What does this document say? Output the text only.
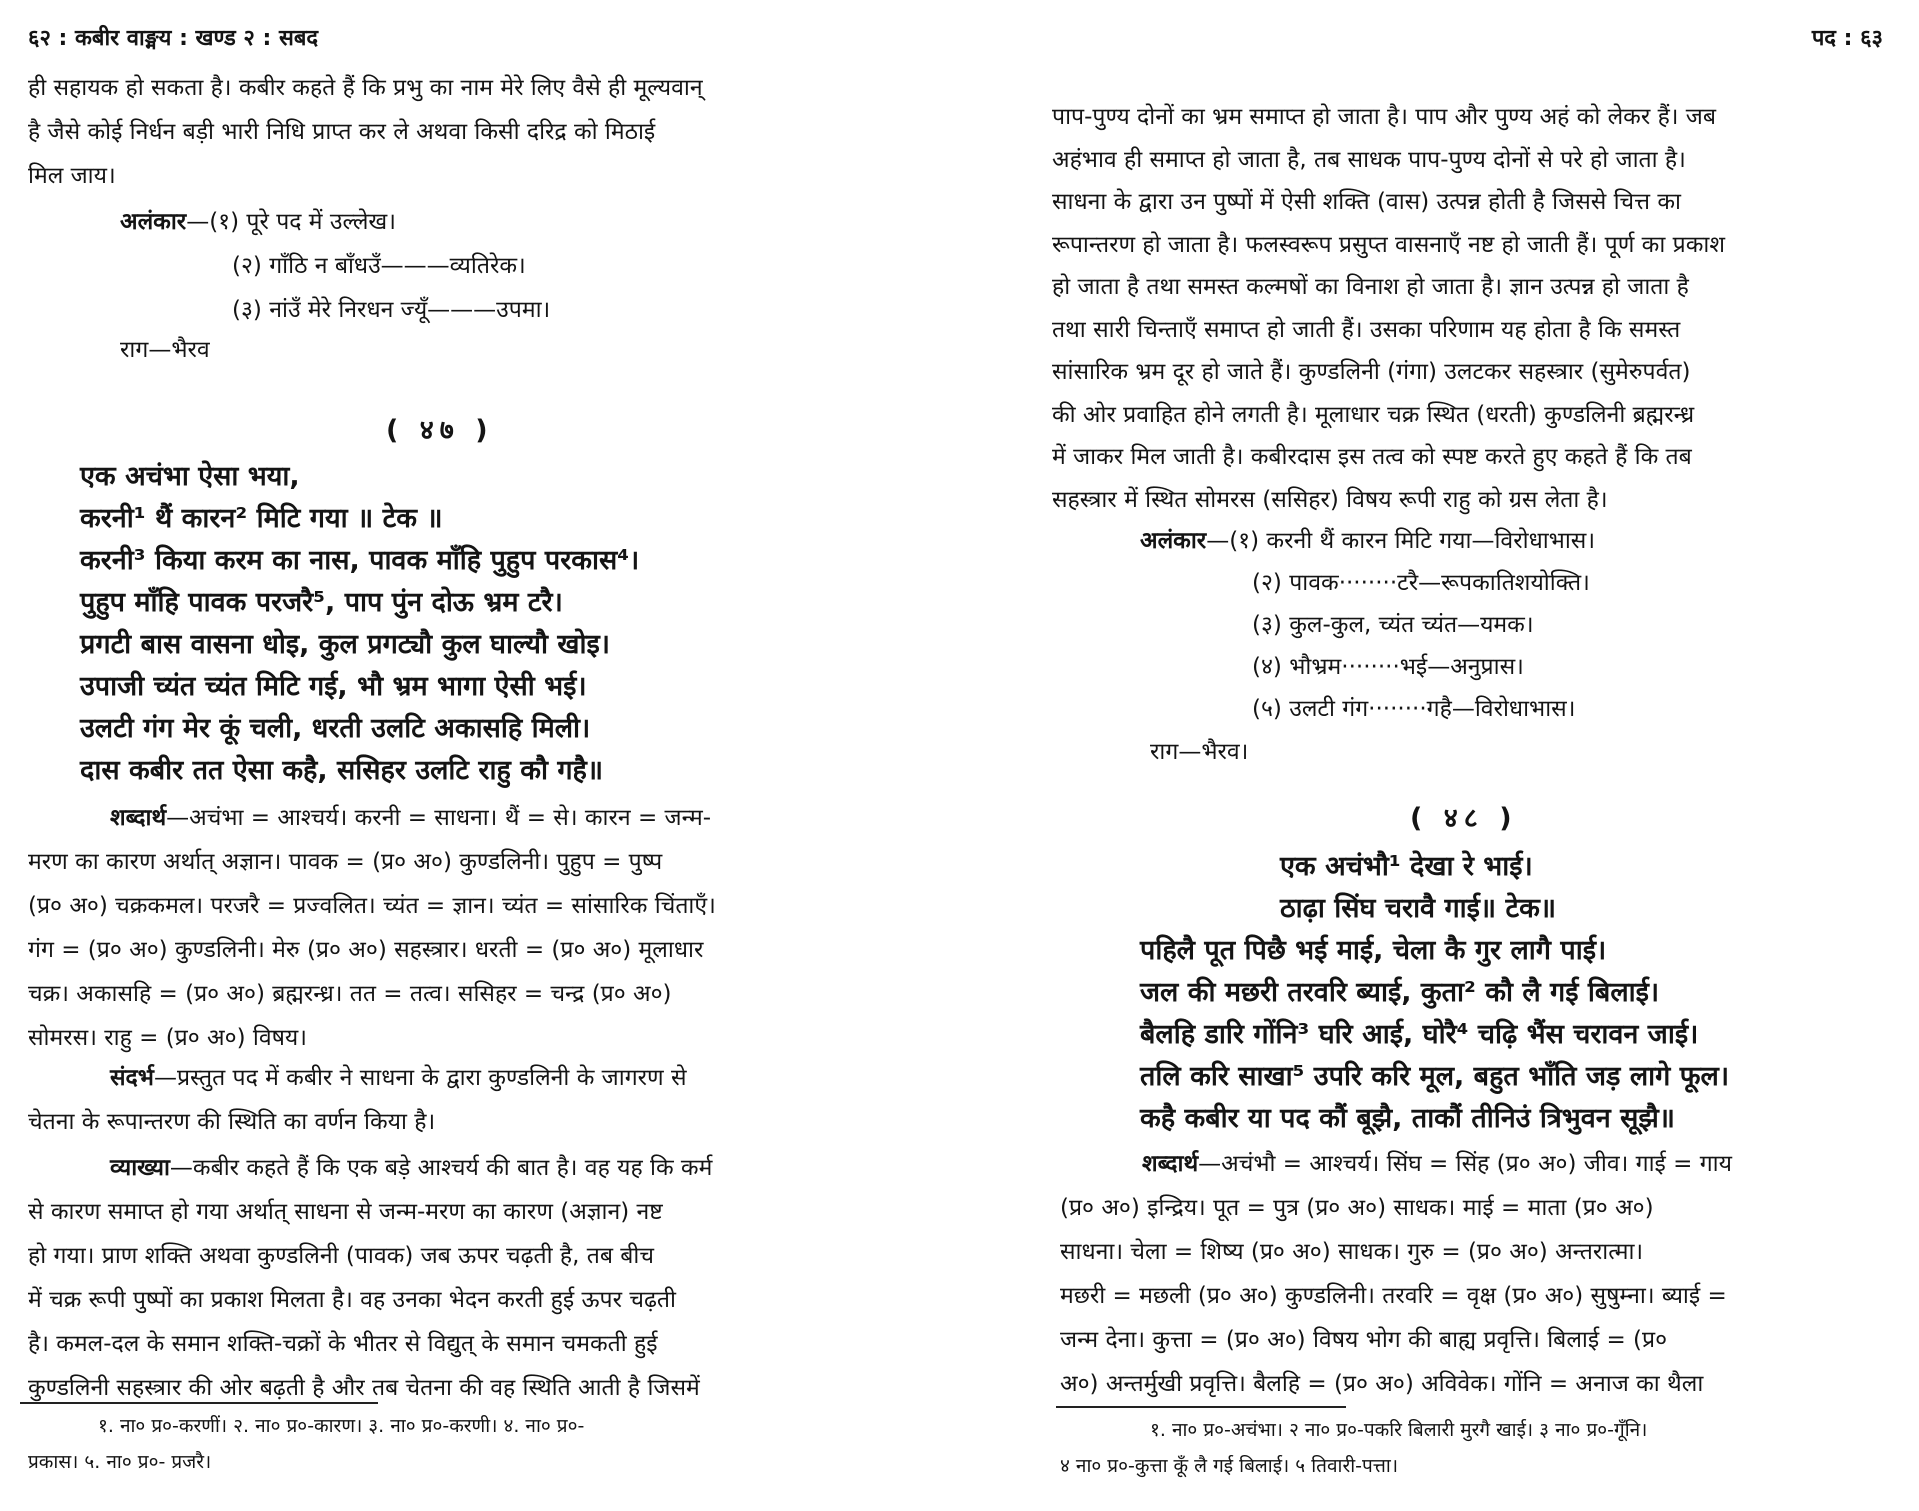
६२ : कबीर वाङ्मय : खण्ड २ : सबद
ही सहायक हो सकता है। कबीर कहते हैं कि प्रभु का नाम मेरे लिए वैसे ही मूल्यवान्
है जैसे कोई निर्धन बड़ी भारी निधि प्राप्त कर ले अथवा किसी दरिद्र को मिठाई
मिल जाय।
अलंकार—(१) पूरे पद में उल्लेख।
(२) गाँठि न बाँधउँ———व्यतिरेक।
(३) नांउँ मेरे निरधन ज्यूँ———उपमा।
राग—भैरव
( ४७ )
एक अचंभा ऐसा भया,
करनी¹ थैं कारन² मिटि गया ॥ टेक ॥
करनी³ किया करम का नास, पावक माँहि पुहुप परकास⁴।
पुहुप माँहि पावक परजरै⁵, पाप पुंन दोऊ भ्रम टरै।
प्रगटी बास वासना धोइ, कुल प्रगट्यौ कुल घाल्यौ खोइ।
उपाजी च्यंत च्यंत मिटि गई, भौ भ्रम भागा ऐसी भई।
उलटी गंग मेर कूं चली, धरती उलटि अकासहि मिली।
दास कबीर तत ऐसा कहै, ससिहर उलटि राहु कौ गहै॥
शब्दार्थ—अचंभा = आश्चर्य। करनी = साधना। थैं = से। कारन = जन्म-
मरण का कारण अर्थात् अज्ञान। पावक = (प्र० अ०) कुण्डलिनी। पुहुप = पुष्प
(प्र० अ०) चक्रकमल। परजरै = प्रज्वलित। च्यंत = ज्ञान। च्यंत = सांसारिक चिंताएँ।
गंग = (प्र० अ०) कुण्डलिनी। मेरु (प्र० अ०) सहस्त्रार। धरती = (प्र० अ०) मूलाधार
चक्र। अकासहि = (प्र० अ०) ब्रह्मरन्ध्र। तत = तत्व। ससिहर = चन्द्र (प्र० अ०)
सोमरस। राहु = (प्र० अ०) विषय।
संदर्भ—प्रस्तुत पद में कबीर ने साधना के द्वारा कुण्डलिनी के जागरण से
चेतना के रूपान्तरण की स्थिति का वर्णन किया है।
व्याख्या—कबीर कहते हैं कि एक बड़े आश्चर्य की बात है। वह यह कि कर्म
से कारण समाप्त हो गया अर्थात् साधना से जन्म-मरण का कारण (अज्ञान) नष्ट
हो गया। प्राण शक्ति अथवा कुण्डलिनी (पावक) जब ऊपर चढ़ती है, तब बीच
में चक्र रूपी पुष्पों का प्रकाश मिलता है। वह उनका भेदन करती हुई ऊपर चढ़ती
है। कमल-दल के समान शक्ति-चक्रों के भीतर से विद्युत् के समान चमकती हुई
कुण्डलिनी सहस्त्रार की ओर बढ़ती है और तब चेतना की वह स्थिति आती है जिसमें
१. ना० प्र०-करणीं। २. ना० प्र०-कारण। ३. ना० प्र०-करणी। ४. ना० प्र०-
प्रकास। ५. ना० प्र०- प्रजरै।
पद : ६३
पाप-पुण्य दोनों का भ्रम समाप्त हो जाता है। पाप और पुण्य अहं को लेकर हैं। जब
अहंभाव ही समाप्त हो जाता है, तब साधक पाप-पुण्य दोनों से परे हो जाता है।
साधना के द्वारा उन पुष्पों में ऐसी शक्ति (वास) उत्पन्न होती है जिससे चित्त का
रूपान्तरण हो जाता है। फलस्वरूप प्रसुप्त वासनाएँ नष्ट हो जाती हैं। पूर्ण का प्रकाश
हो जाता है तथा समस्त कल्मषों का विनाश हो जाता है। ज्ञान उत्पन्न हो जाता है
तथा सारी चिन्ताएँ समाप्त हो जाती हैं। उसका परिणाम यह होता है कि समस्त
सांसारिक भ्रम दूर हो जाते हैं। कुण्डलिनी (गंगा) उलटकर सहस्त्रार (सुमेरुपर्वत)
की ओर प्रवाहित होने लगती है। मूलाधार चक्र स्थित (धरती) कुण्डलिनी ब्रह्मरन्ध्र
में जाकर मिल जाती है। कबीरदास इस तत्व को स्पष्ट करते हुए कहते हैं कि तब
सहस्त्रार में स्थित सोमरस (ससिहर) विषय रूपी राहु को ग्रस लेता है।
अलंकार—(१) करनी थैं कारन मिटि गया—विरोधाभास।
(२) पावक········टरै—रूपकातिशयोक्ति।
(३) कुल-कुल, च्यंत च्यंत—यमक।
(४) भौभ्रम········भई—अनुप्रास।
(५) उलटी गंग········गहै—विरोधाभास।
राग—भैरव।
( ४८ )
एक अचंभौ¹ देखा रे भाई।
ठाढ़ा सिंघ चरावै गाई॥ टेक॥
पहिलै पूत पिछै भई माई, चेला कै गुर लागै पाई।
जल की मछरी तरवरि ब्याई, कुता² कौ लै गई बिलाई।
बैलहि डारि गोंनि³ घरि आई, घोरै⁴ चढ़ि भैंस चरावन जाई।
तलि करि साखा⁵ उपरि करि मूल, बहुत भाँति जड़ लागे फूल।
कहै कबीर या पद कौं बूझै, ताकौं तीनिउं त्रिभुवन सूझै॥
शब्दार्थ—अचंभौ = आश्चर्य। सिंघ = सिंह (प्र० अ०) जीव। गाई = गाय
(प्र० अ०) इन्द्रिय। पूत = पुत्र (प्र० अ०) साधक। माई = माता (प्र० अ०)
साधना। चेला = शिष्य (प्र० अ०) साधक। गुरु = (प्र० अ०) अन्तरात्मा।
मछरी = मछली (प्र० अ०) कुण्डलिनी। तरवरि = वृक्ष (प्र० अ०) सुषुम्ना। ब्याई =
जन्म देना। कुत्ता = (प्र० अ०) विषय भोग की बाह्य प्रवृत्ति। बिलाई = (प्र०
अ०) अन्तर्मुखी प्रवृत्ति। बैलहि = (प्र० अ०) अविवेक। गोंनि = अनाज का थैला
१. ना० प्र०-अचंभा। २ ना० प्र०-पकरि बिलारी मुरगै खाई। ३ ना० प्र०-गूँनि।
४ ना० प्र०-कुत्ता कूँ लै गई बिलाई। ५ तिवारी-पत्ता।
